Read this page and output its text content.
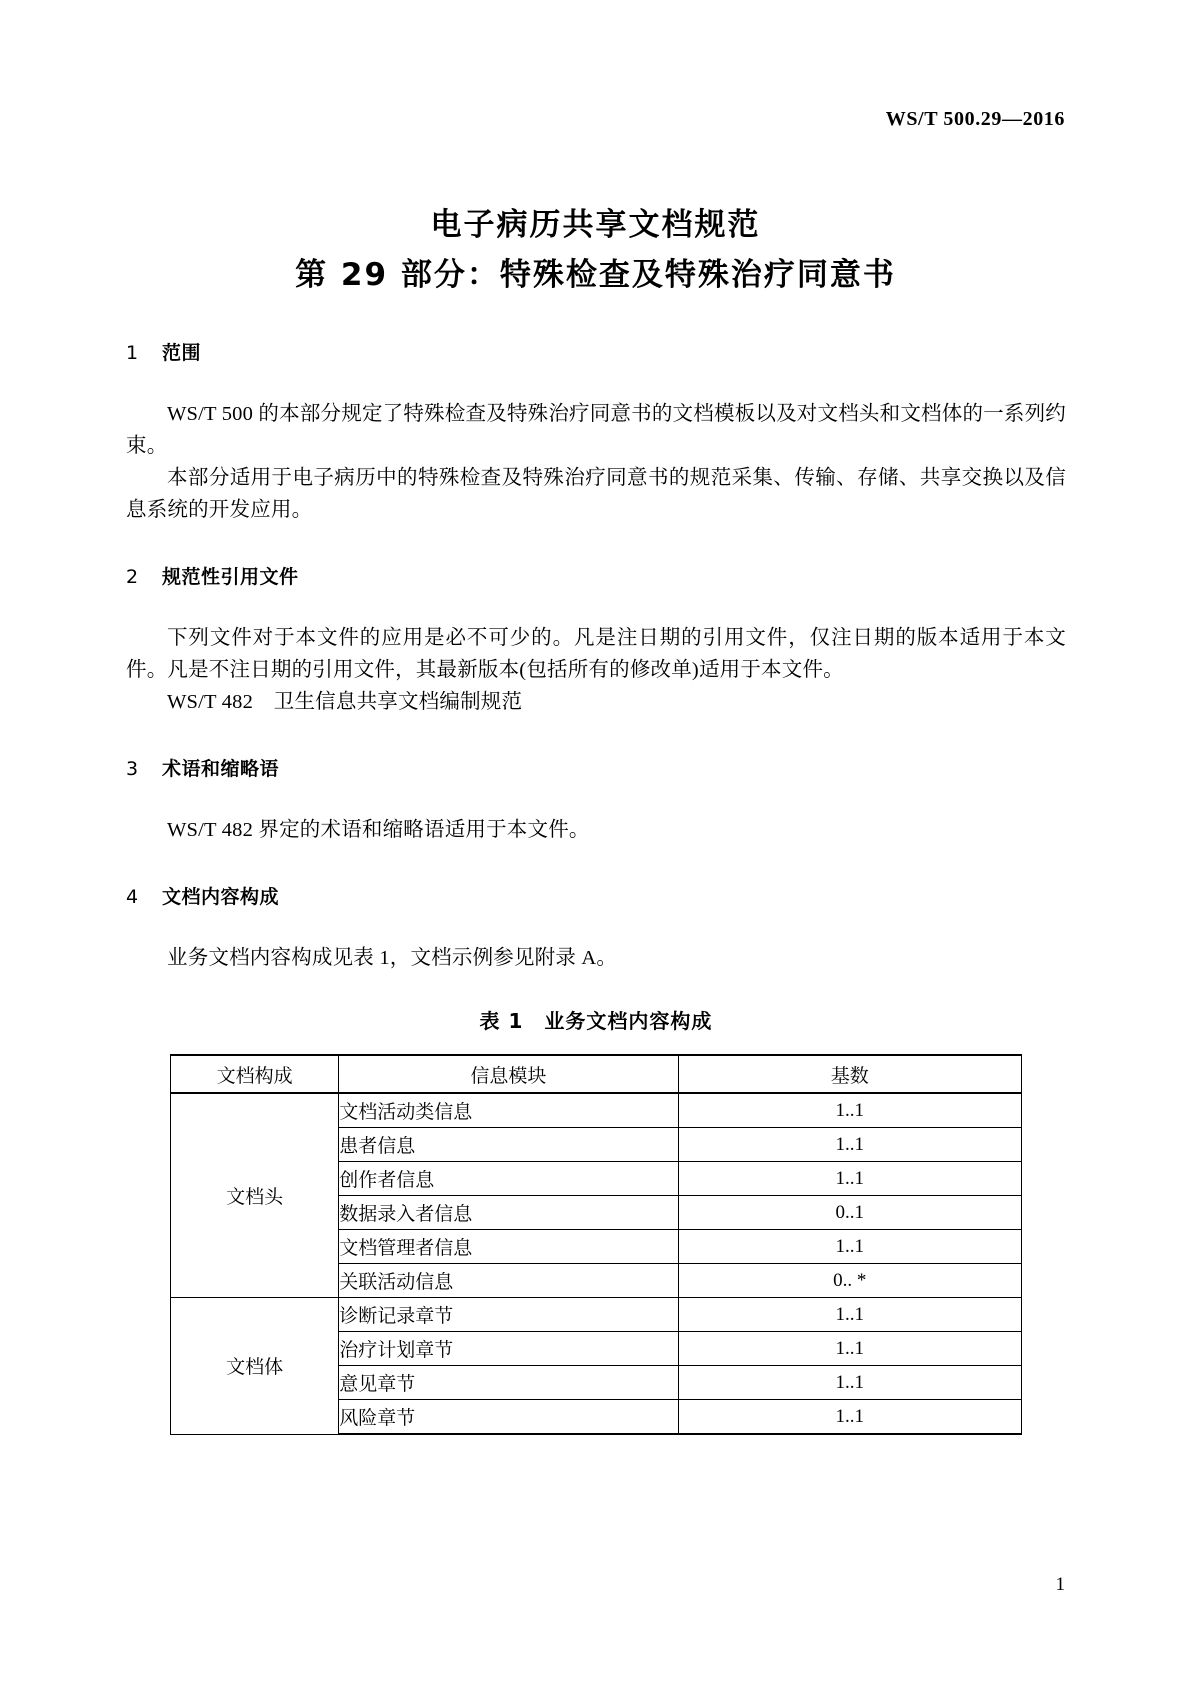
WS/T 500.29—2016
电子病历共享文档规范
第 29 部分：特殊检查及特殊治疗同意书
1 范围

WS/T 500 的本部分规定了特殊检查及特殊治疗同意书的文档模板以及对文档头和文档体的一系列约束。

本部分适用于电子病历中的特殊检查及特殊治疗同意书的规范采集、传输、存储、共享交换以及信息系统的开发应用。

2 规范性引用文件

下列文件对于本文件的应用是必不可少的。凡是注日期的引用文件，仅注日期的版本适用于本文件。凡是不注日期的引用文件，其最新版本(包括所有的修改单)适用于本文件。

WS/T 482　卫生信息共享文档编制规范

3 术语和缩略语

WS/T 482 界定的术语和缩略语适用于本文件。

4 文档内容构成

业务文档内容构成见表 1，文档示例参见附录 A。

表 1　业务文档内容构成

文档构成	信息模块	基数
文档头	文档活动类信息	1..1
	患者信息	1..1
	创作者信息	1..1
	数据录入者信息	0..1
	文档管理者信息	1..1
	关联活动信息	0.. *
文档体	诊断记录章节	1..1
	治疗计划章节	1..1
	意见章节	1..1
	风险章节	1..1
1
